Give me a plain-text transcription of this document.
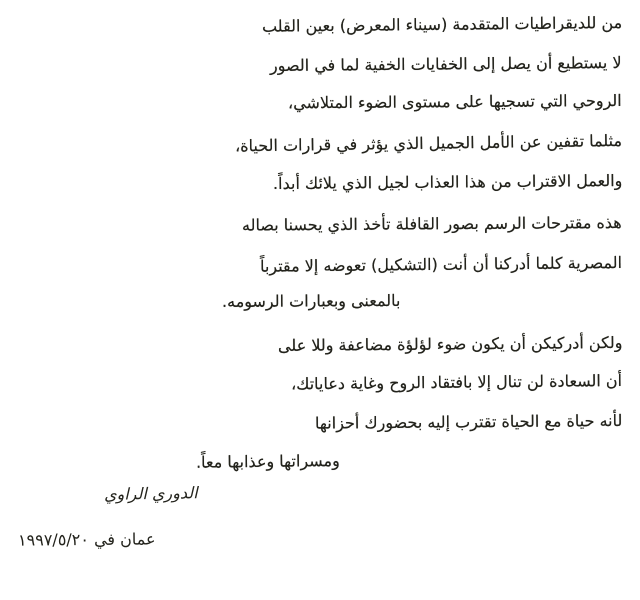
من للديقراطيات المتقدمة (سيناء المعرض) بعين القلب
لا يستطيع أن يصل إلى الخفايات الخفية لما في الصور
الروحي التي تسجيها على مستوى الضوء المتلاشي،
مثلما تقفين عن الأمل الجميل الذي يؤثر في قرارات الحياة،
والعمل الاقتراب من هذا العذاب لجيل الذي يلائك أبداً.
هذه مقترحات الرسم بصور القافلة تأخذ الذي يحسنا بصاله
المصرية كلما أدركنا أن أنت (التشكيل) تعوضه إلا مقترباً
بالمعنى وبعبارات الرسومه.
ولكن أدركيكن أن يكون ضوء لؤلؤة مضاعفة وللا على
أن السعادة لن تنال إلا بافتقاد الروح وغاية دعاياتك،
لأنه حياة مع الحياة تقترب إليه بحضورك أحزانها
ومسراتها وعذابها معاً.
الدوري الراوي
عمان في ١٩٩٧/٥/٢٠
